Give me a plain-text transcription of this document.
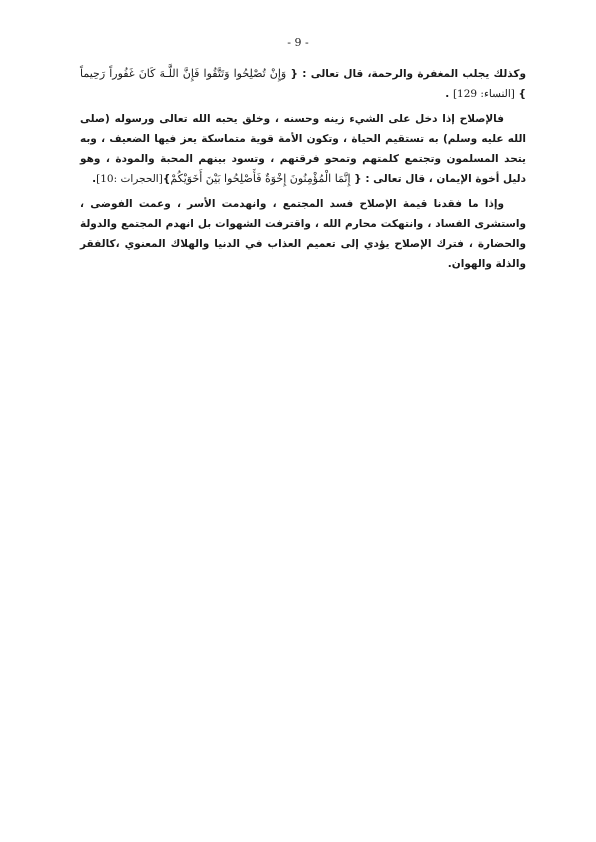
- 9 -

وكذلك يجلب المغفرة والرحمة، قال تعالى : { وَإِنْ تُصْلِحُوا وَتَتَّقُوا فَإِنَّ اللَّـهَ كَانَ غَفُوراً رَحِيماً } [النساء: 129] .

فالإصلاح إذا دخل على الشيء زينه وحسنه ، وخلق يحبه الله تعالى ورسوله (صلى الله عليه وسلم) به تستقيم الحياة ، وتكون الأمة قوية متماسكة يعز فيها الضعيف ، وبه يتحد المسلمون وتجتمع كلمتهم وتمحو فرقتهم ، وتسود بينهم المحبة والمودة ، وهو دليل أخوة الإيمان ، قال تعالى : { إِنَّمَا الْمُؤْمِنُونَ إِخْوَةٌ فَأَصْلِحُوا بَيْنَ أَخَوَيْكُمْ}[الحجرات :10].

وإذا ما فقدنا قيمة الإصلاح فسد المجتمع ، وانهدمت الأسر ، وعمت الفوضى ، واستشرى الفساد ، وانتهكت محارم الله ، واقترفت الشهوات بل انهدم المجتمع والدولة والحضارة ، فترك الإصلاح يؤدي إلى تعميم العذاب في الدنيا والهلاك المعنوي ،كالفقر والذلة والهوان.
